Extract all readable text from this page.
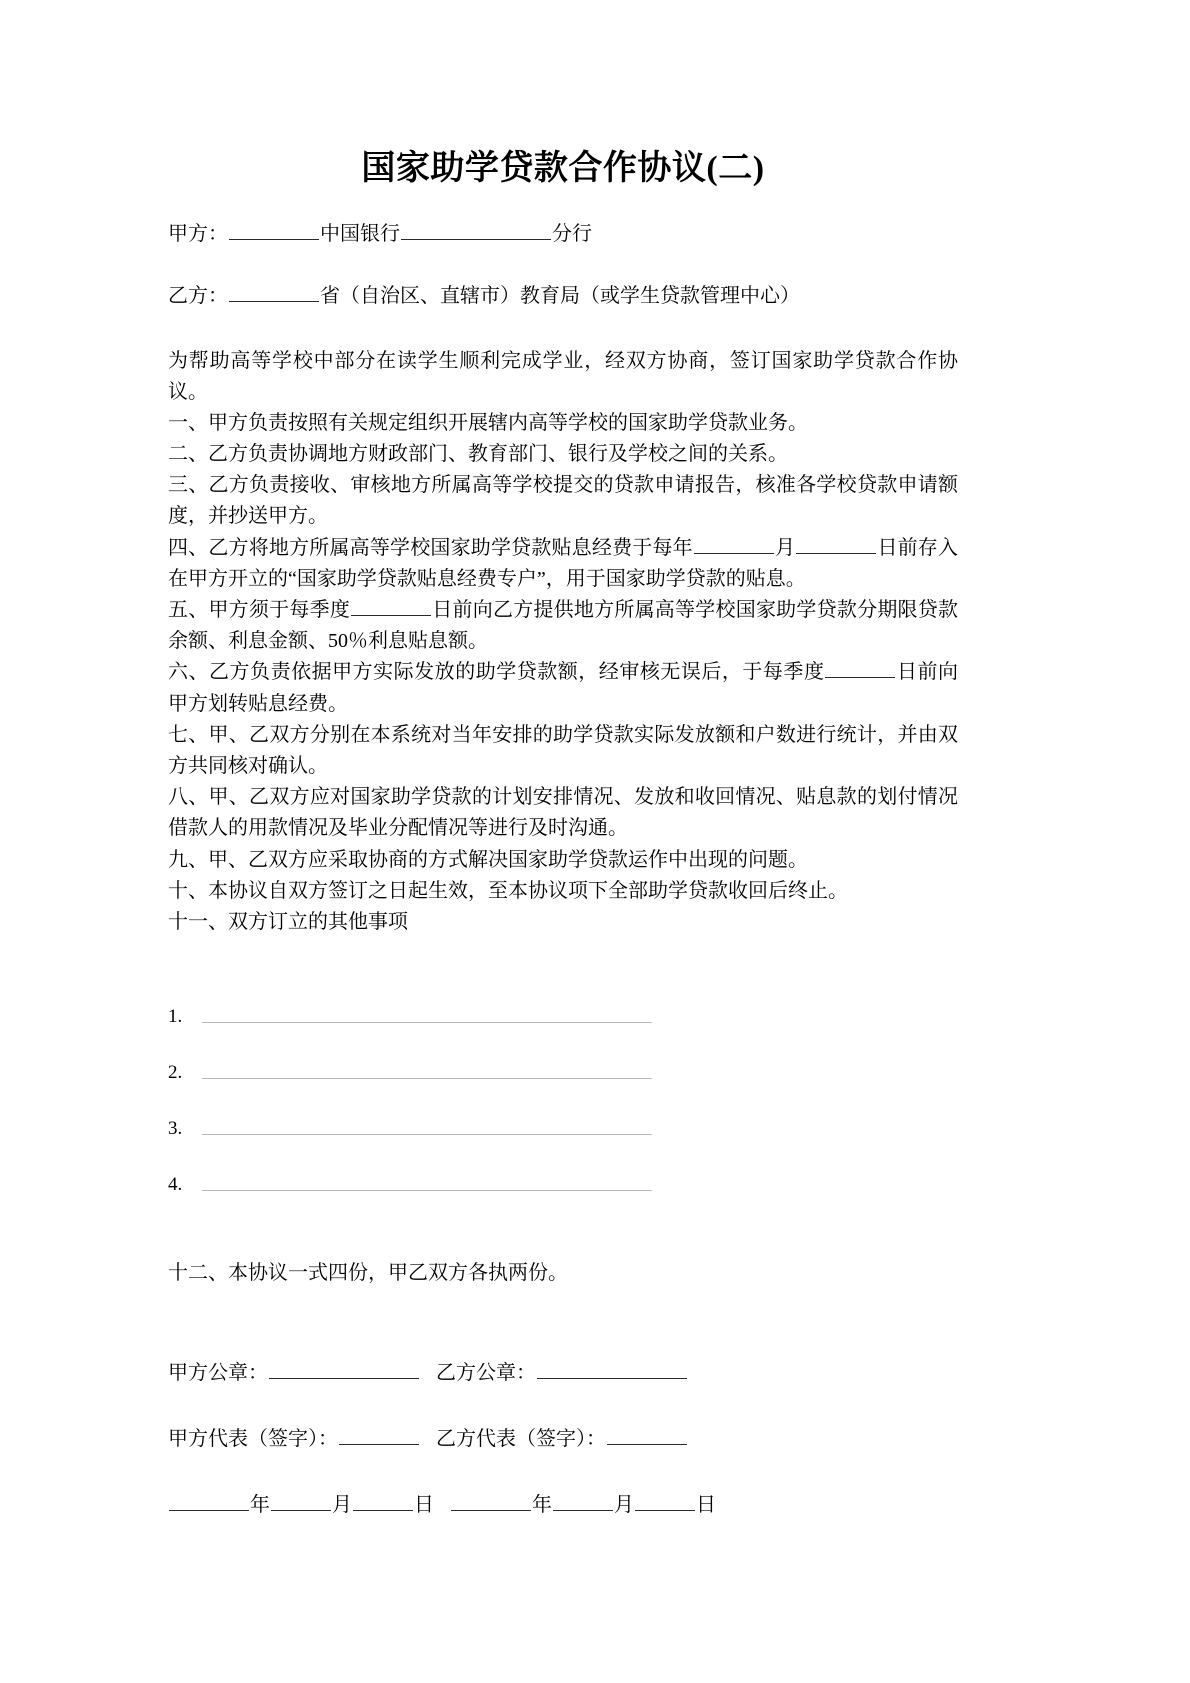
国家助学贷款合作协议(二)

甲方：	中国银行	分行

乙方：	省（自治区、直辖市）教育局（或学生贷款管理中心）

为帮助高等学校中部分在读学生顺利完成学业，经双方协商，签订国家助学贷款合作协议。

一、甲方负责按照有关规定组织开展辖内高等学校的国家助学贷款业务。

二、乙方负责协调地方财政部门、教育部门、银行及学校之间的关系。

三、乙方负责接收、审核地方所属高等学校提交的贷款申请报告，核准各学校贷款申请额度，并抄送甲方。

四、乙方将地方所属高等学校国家助学贷款贴息经费于每年	月	日前存入在甲方开立的“国家助学贷款贴息经费专户”，用于国家助学贷款的贴息。

五、甲方须于每季度	日前向乙方提供地方所属高等学校国家助学贷款分期限贷款余额、利息金额、50％利息贴息额。

六、乙方负责依据甲方实际发放的助学贷款额，经审核无误后，于每季度	日前向甲方划转贴息经费。

七、甲、乙双方分别在本系统对当年安排的助学贷款实际发放额和户数进行统计，并由双方共同核对确认。

八、甲、乙双方应对国家助学贷款的计划安排情况、发放和收回情况、贴息款的划付情况借款人的用款情况及毕业分配情况等进行及时沟通。

九、甲、乙双方应采取协商的方式解决国家助学贷款运作中出现的问题。

十、本协议自双方签订之日起生效，至本协议项下全部助学贷款收回后终止。

十一、双方订立的其他事项

1.
2.
3.
4.

十二、本协议一式四份，甲乙双方各执两份。

甲方公章：	乙方公章：

甲方代表（签字）：	乙方代表（签字）：

年	月	日	年	月	日
